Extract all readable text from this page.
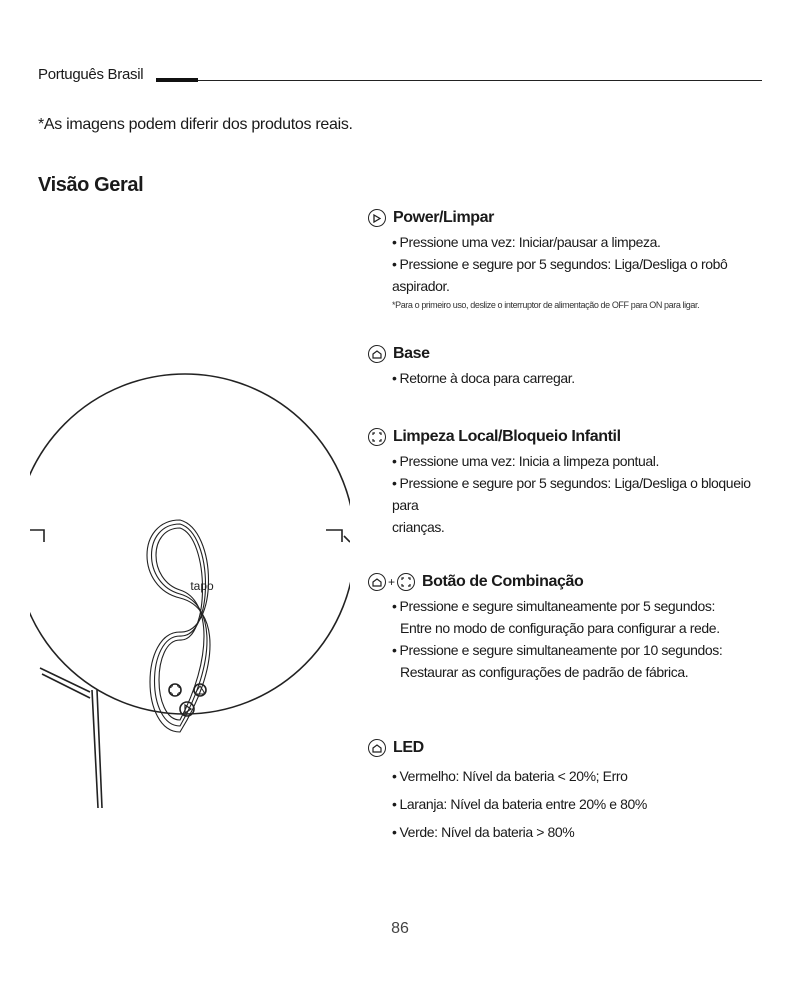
Português Brasil
*As imagens podem diferir dos produtos reais.
Visão Geral
tapo
Power/Limpar
• Pressione uma vez: Iniciar/pausar a limpeza.
• Pressione e segure por 5 segundos: Liga/Desliga o robô aspirador.
*Para o primeiro uso, deslize o interruptor de alimentação de OFF para ON para ligar.
Base
• Retorne à doca para carregar.
Limpeza Local/Bloqueio Infantil
• Pressione uma vez: Inicia a limpeza pontual.
• Pressione e segure por 5 segundos: Liga/Desliga o bloqueio para
crianças.
+ Botão de Combinação
• Pressione e segure simultaneamente por 5 segundos:
Entre no modo de configuração para configurar a rede.
• Pressione e segure simultaneamente por 10 segundos:
Restaurar as configurações de padrão de fábrica.
LED
• Vermelho: Nível da bateria < 20%; Erro
• Laranja: Nível da bateria entre 20% e 80%
• Verde: Nível da bateria > 80%
86
